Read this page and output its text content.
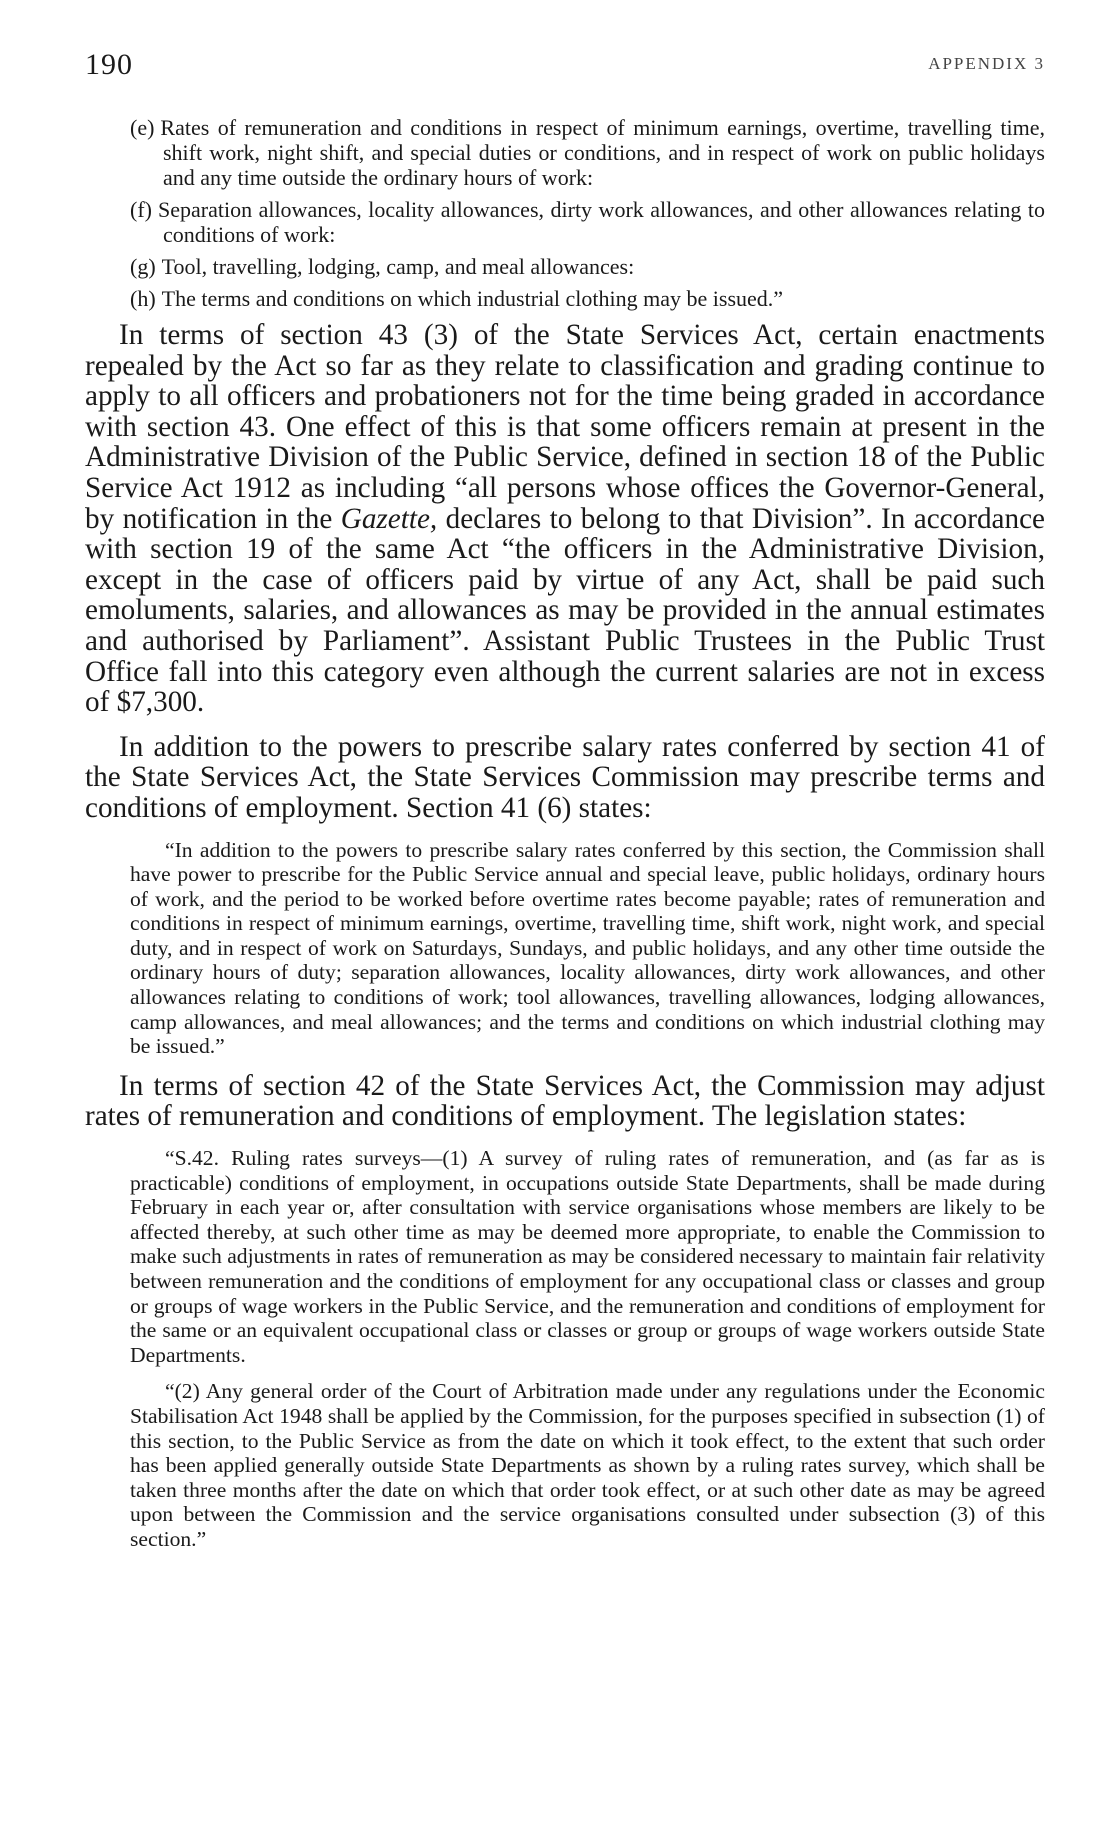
190	APPENDIX 3
(e) Rates of remuneration and conditions in respect of minimum earnings, overtime, travelling time, shift work, night shift, and special duties or conditions, and in respect of work on public holidays and any time outside the ordinary hours of work:
(f) Separation allowances, locality allowances, dirty work allowances, and other allowances relating to conditions of work:
(g) Tool, travelling, lodging, camp, and meal allowances:
(h) The terms and conditions on which industrial clothing may be issued.”

In terms of section 43 (3) of the State Services Act, certain enactments repealed by the Act so far as they relate to classification and grading continue to apply to all officers and probationers not for the time being graded in accordance with section 43. One effect of this is that some officers remain at present in the Administrative Division of the Public Service, defined in section 18 of the Public Service Act 1912 as including “all persons whose offices the Governor-General, by notification in the Gazette, declares to belong to that Division”. In accordance with section 19 of the same Act “the officers in the Administrative Division, except in the case of officers paid by virtue of any Act, shall be paid such emoluments, salaries, and allowances as may be provided in the annual estimates and authorised by Parliament”. Assistant Public Trustees in the Public Trust Office fall into this category even although the current salaries are not in excess of $7,300.

In addition to the powers to prescribe salary rates conferred by section 41 of the State Services Act, the State Services Commission may prescribe terms and conditions of employment. Section 41 (6) states:

“In addition to the powers to prescribe salary rates conferred by this section, the Commission shall have power to prescribe for the Public Service annual and special leave, public holidays, ordinary hours of work, and the period to be worked before overtime rates become payable; rates of remuneration and conditions in respect of minimum earnings, overtime, travelling time, shift work, night work, and special duty, and in respect of work on Saturdays, Sundays, and public holidays, and any other time outside the ordinary hours of duty; separation allowances, locality allowances, dirty work allowances, and other allowances relating to conditions of work; tool allowances, travelling allowances, lodging allowances, camp allowances, and meal allowances; and the terms and conditions on which industrial clothing may be issued.”

In terms of section 42 of the State Services Act, the Commission may adjust rates of remuneration and conditions of employment. The legislation states:

“S.42. Ruling rates surveys—(1) A survey of ruling rates of remuneration, and (as far as is practicable) conditions of employment, in occupations outside State Departments, shall be made during February in each year or, after consultation with service organisations whose members are likely to be affected thereby, at such other time as may be deemed more appropriate, to enable the Commission to make such adjustments in rates of remuneration as may be considered necessary to maintain fair relativity between remuneration and the conditions of employment for any occupational class or classes and group or groups of wage workers in the Public Service, and the remuneration and conditions of employment for the same or an equivalent occupational class or classes or group or groups of wage workers outside State Departments.

“(2) Any general order of the Court of Arbitration made under any regulations under the Economic Stabilisation Act 1948 shall be applied by the Commission, for the purposes specified in subsection (1) of this section, to the Public Service as from the date on which it took effect, to the extent that such order has been applied generally outside State Departments as shown by a ruling rates survey, which shall be taken three months after the date on which that order took effect, or at such other date as may be agreed upon between the Commission and the service organisations consulted under subsection (3) of this section.”
